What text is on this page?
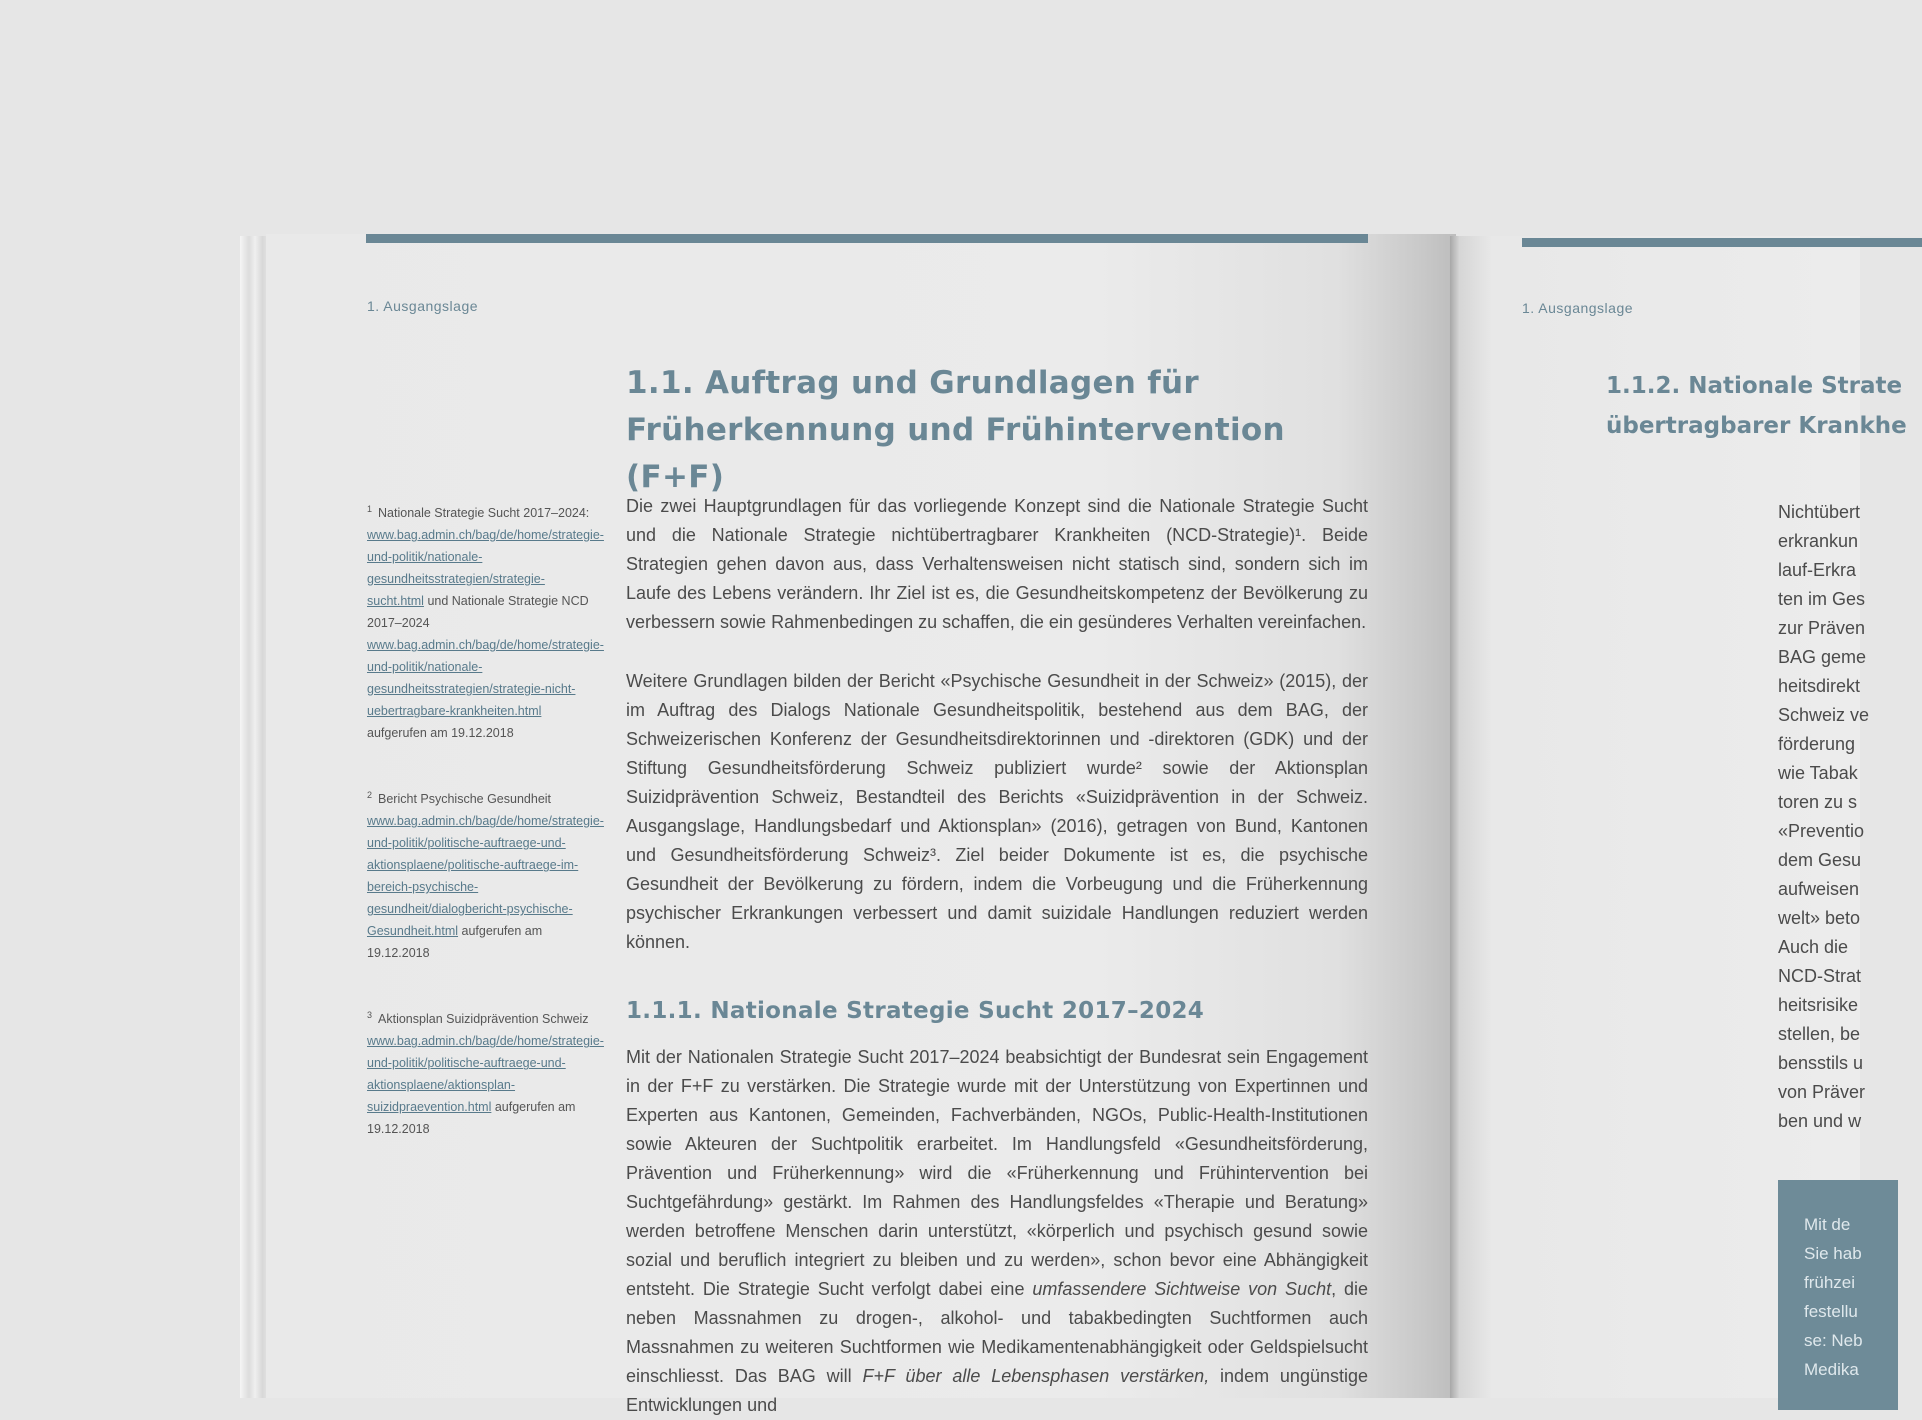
1. Ausgangslage
1.1. Auftrag und Grundlagen für Früherkennung und Frühintervention (F+F)

Die zwei Hauptgrundlagen für das vorliegende Konzept sind die Nationale Strategie Sucht und die Nationale Strategie nichtübertragbarer Krankheiten (NCD-Strategie)¹. Beide Strategien gehen davon aus, dass Verhaltensweisen nicht statisch sind, sondern sich im Laufe des Lebens verändern. Ihr Ziel ist es, die Gesundheitskompetenz der Bevölkerung zu verbessern sowie Rahmenbedingen zu schaffen, die ein gesünderes Verhalten vereinfachen.

Weitere Grundlagen bilden der Bericht «Psychische Gesundheit in der Schweiz» (2015), der im Auftrag des Dialogs Nationale Gesundheitspolitik, bestehend aus dem BAG, der Schweizerischen Konferenz der Gesundheitsdirektorinnen und -direktoren (GDK) und der Stiftung Gesundheitsförderung Schweiz publiziert wurde² sowie der Aktionsplan Suizidprävention Schweiz, Bestandteil des Berichts «Suizidprävention in der Schweiz. Ausgangslage, Handlungsbedarf und Aktionsplan» (2016), getragen von Bund, Kantonen und Gesundheitsförderung Schweiz³. Ziel beider Dokumente ist es, die psychische Gesundheit der Bevölkerung zu fördern, indem die Vorbeugung und die Früherkennung psychischer Erkrankungen verbessert und damit suizidale Handlungen reduziert werden können.

1.1.1. Nationale Strategie Sucht 2017–2024

Mit der Nationalen Strategie Sucht 2017–2024 beabsichtigt der Bundesrat sein Engagement in der F+F zu verstärken. Die Strategie wurde mit der Unterstützung von Expertinnen und Experten aus Kantonen, Gemeinden, Fachverbänden, NGOs, Public-Health-Institutionen sowie Akteuren der Suchtpolitik erarbeitet. Im Handlungsfeld «Gesundheitsförderung, Prävention und Früherkennung» wird die «Früherkennung und Frühintervention bei Suchtgefährdung» gestärkt. Im Rahmen des Handlungsfeldes «Therapie und Beratung» werden betroffene Menschen darin unterstützt, «körperlich und psychisch gesund sowie sozial und beruflich integriert zu bleiben und zu werden», schon bevor eine Abhängigkeit entsteht. Die Strategie Sucht verfolgt dabei eine umfassendere Sichtweise von Sucht, die neben Massnahmen zu drogen-, alkohol- und tabakbedingten Suchtformen auch Massnahmen zu weiteren Suchtformen wie Medikamentenabhängigkeit oder Geldspielsucht einschliesst. Das BAG will F+F über alle Lebensphasen verstärken, indem ungünstige Entwicklungen und

$^1$ Nationale Strategie Sucht 2017–2024: www.bag.admin.ch/bag/de/home/strategie-und-politik/nationale-gesundheitsstrategien/strategie-sucht.html und Nationale Strategie NCD 2017–2024 www.bag.admin.ch/bag/de/home/strategie-und-politik/nationale-gesundheitsstrategien/strategie-nicht-uebertragbare-krankheiten.html aufgerufen am 19.12.2018

$^2$ Bericht Psychische Gesundheit www.bag.admin.ch/bag/de/home/strategie-und-politik/politische-auftraege-und-aktionsplaene/politische-auftraege-im-bereich-psychische-gesundheit/dialogbericht-psychische-Gesundheit.html aufgerufen am 19.12.2018

$^3$ Aktionsplan Suizidprävention Schweiz www.bag.admin.ch/bag/de/home/strategie-und-politik/politische-auftraege-und-aktionsplaene/aktionsplan-suizidpraevention.html aufgerufen am 19.12.2018

1. Ausgangslage
1.1.2. Nationale Strate
übertragbarer Krankhe
Nichtübert
erkrankun
lauf-Erkra
ten im Ges
zur Präven
BAG geme
heitsdirekt
Schweiz ve
förderung
wie Tabak
toren zu s
«Preventio
dem Gesu
aufweisen
welt» beto
Auch die
NCD-Strat
heitsrisike
stellen, be
bensstils u
von Präver
ben und w
Mit de
Sie hab
frühzei
festellu
se: Neb
Medika
